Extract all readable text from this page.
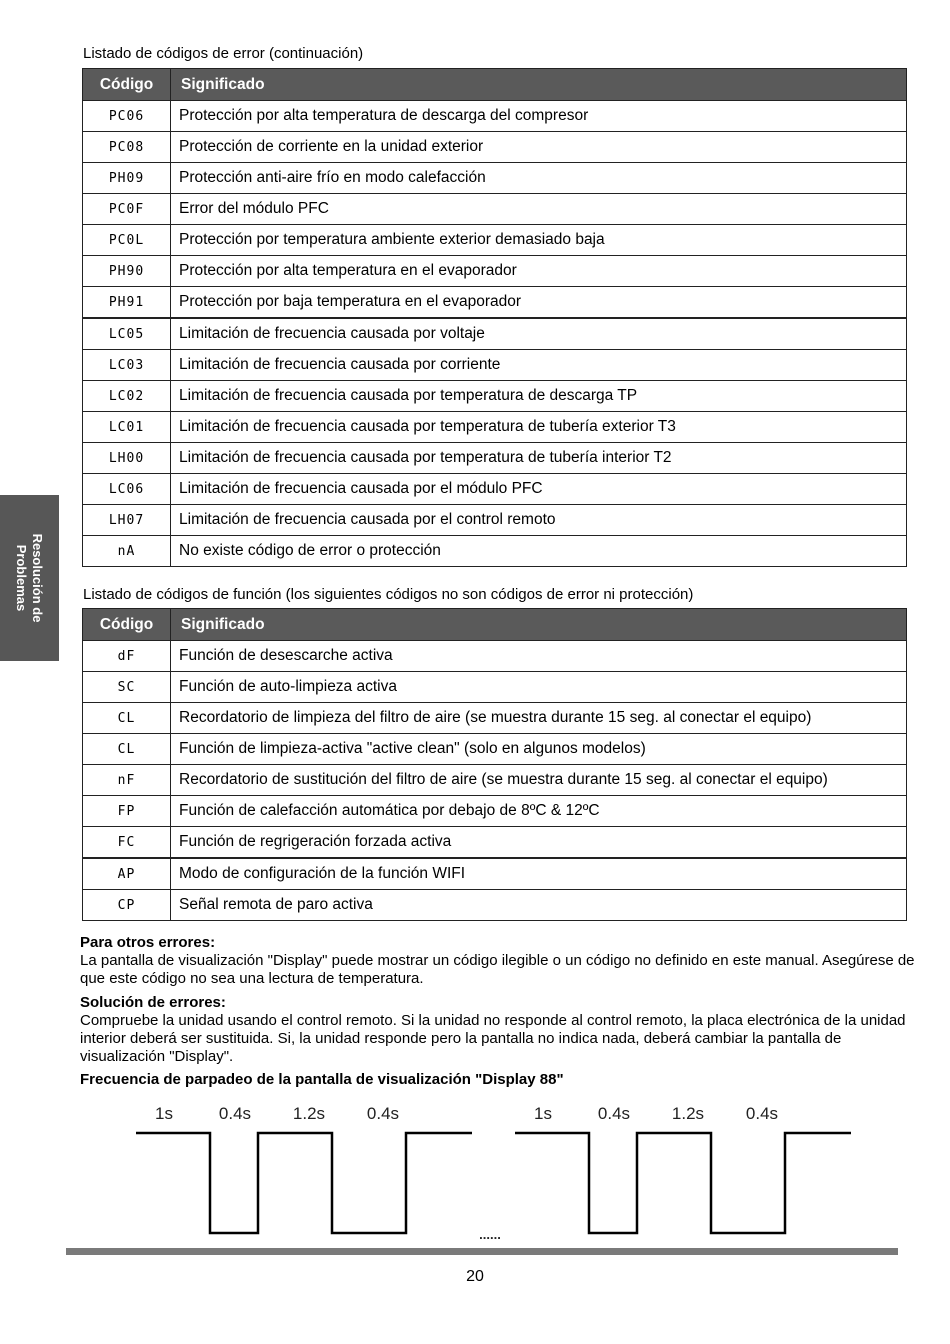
Listado de códigos de error (continuación)
Código	Significado
PC06	Protección por alta temperatura de descarga del compresor
PC08	Protección de corriente en la unidad exterior
PH09	Protección anti-aire frío en modo calefacción
PC0F	Error del módulo PFC
PC0L	Protección por temperatura ambiente exterior demasiado baja
PH90	Protección por alta temperatura en el evaporador
PH91	Protección por baja temperatura en el evaporador
LC05	Limitación de frecuencia causada por voltaje
LC03	Limitación de frecuencia causada por corriente
LC02	Limitación de frecuencia causada por temperatura de descarga TP
LC01	Limitación de frecuencia causada por temperatura de tubería exterior T3
LH00	Limitación de frecuencia causada por temperatura de tubería interior T2
LC06	Limitación de frecuencia causada por el módulo PFC
LH07	Limitación de frecuencia causada por el control remoto
nA	No existe código de error o protección
Listado de códigos de función (los siguientes códigos no son códigos de error ni protección)
Código	Significado
dF	Función de desescarche activa
SC	Función de auto-limpieza activa
CL	Recordatorio de limpieza del filtro de aire (se muestra durante 15 seg. al conectar el equipo)
CL	Función de limpieza-activa "active clean" (solo en algunos modelos)
nF	Recordatorio de sustitución del filtro de aire (se muestra durante 15 seg. al conectar el equipo)
FP	Función de calefacción automática por debajo de 8ºC & 12ºC
FC	Función de regrigeración forzada activa
AP	Modo de configuración de la función WIFI
CP	Señal remota de paro activa
Resolución de
Problemas
Para otros errores:
La pantalla de visualización "Display" puede mostrar un código ilegible o un código no definido en este manual. Asegúrese de que este código no sea una lectura de temperatura.
Solución de errores:
Compruebe la unidad usando el control remoto. Si la unidad no responde al control remoto, la placa electrónica de la unidad interior deberá ser sustituida. Si, la unidad responde pero la pantalla no indica nada, deberá cambiar la pantalla de visualización "Display".
Frecuencia de parpadeo de la pantalla de visualización "Display 88"
1s	0.4s 1.2s 0.4s	1s	0.4s 1.2s 0.4s
......
20
